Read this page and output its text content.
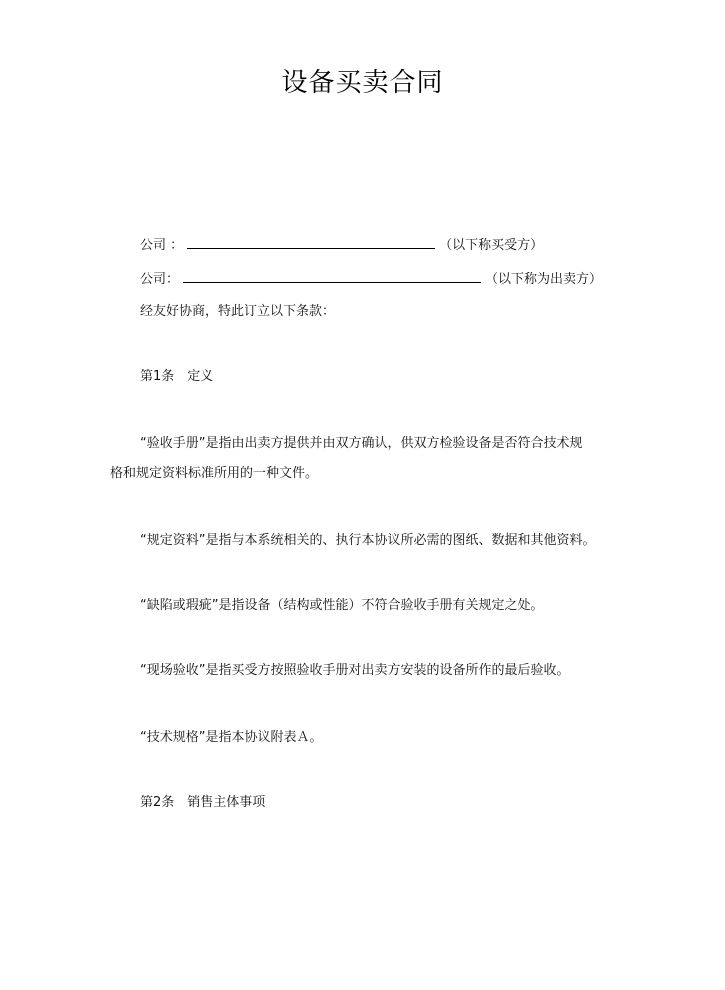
设备买卖合同
公司 ：	（以下称买受方）
公司：	（以下称为出卖方）
经友好协商，特此订立以下条款：
第1条　定义
“验收手册”是指由出卖方提供并由双方确认，供双方检验设备是否符合技术规
格和规定资料标准所用的一种文件。
“规定资料”是指与本系统相关的、执行本协议所必需的图纸、数据和其他资料。
“缺陷或瑕疵”是指设备（结构或性能）不符合验收手册有关规定之处。
“现场验收”是指买受方按照验收手册对出卖方安装的设备所作的最后验收。
“技术规格”是指本协议附表Ａ。
第2条　销售主体事项
